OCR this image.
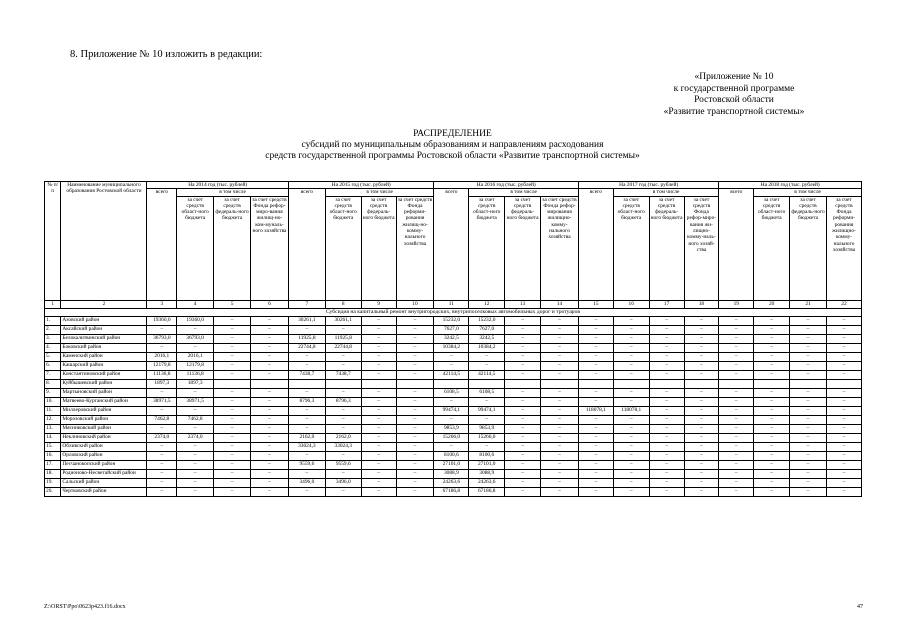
8. Приложение № 10 изложить в редакции:
«Приложение № 10
к государственной программе
Ростовской области
«Развитие транспортной системы»
РАСПРЕДЕЛЕНИЕ
субсидий по муниципальным образованиям и направлениям расходования
средств государственной программы Ростовской области «Развитие транспортной системы»
№ п/п	Наименование муниципального образования Ростовской области	На 2014 год (тыс. рублей)				На 2015 год (тыс. рублей)				На 2016 год (тыс. рублей)				На 2017 год (тыс. рублей)				На 2018 год (тыс. рублей)			
		всего	в том числе			всего	в том числе			всего	в том числе			всего	в том числе			всего	в том числе		
			за счет средств област-ного бюджета	за счет средств федераль-ного бюджета	за счет средств Фонда рефор-миро-вания жилищ-но-ком-муналь-ного хозяйства		за счет средств област-ного бюджета	за счет средств федераль-ного бюджета	за счет средств Фонда реформи-рования жилищ-но-комму-нального хозяйства		за счет средств област-ного бюджета	за счет средств федераль-ного бюджета	за счет средств Фонда рефор-мирования жилищно-комму-нального хозяйства		за счет средств област-ного бюджета	за счет средств федераль-ного бюджета	за счет средств Фонда рефор-миро-вания жи-лищно-комму-наль-ного хозяй-ства		за счет средств област-ного бюджета	за счет средств федераль-ного бюджета	за счет средств Фонда реформи-рования жилищно-комму-нального хозяйства
1	2	3	4	5	6	7	8	9	10	11	12	13	14	15	16	17	18	19	20	21	22
Субсидия на капитальный ремонт внутригородских, внутрипоселковых автомобильных дорог и тротуаров																					
1.	Азовский район	19360,0	19360,0	–	–	30261,1	30261,1	–	–	15232,0	15232,0	–	–	–	–	–	–	–	–	–	–
2.	Аксайский район	–	–	–	–	–	–	–	–	7627,0	7627,0	–	–	–	–	–	–	–	–	–	–
3.	Белокалитвинский район	36793,0	36793,0	–	–	11925,8	11925,8	–	–	3242,5	3242,5	–	–	–	–	–	–	–	–	–	–
4.	Боковский район	–	–	–	–	22744,8	22744,8	–	–	10384,2	10384,2	–	–	–	–	–	–	–	–	–	–
5.	Каменский район	2016,1	2016,1	–	–	–	–	–	–	–	–	–	–	–	–	–	–	–	–	–	–
6.	Кашарский район	12179,8	12179,8	–	–	–	–	–	–	–	–	–	–	–	–	–	–	–	–	–	–
7.	Константиновский район	11136,8	11136,8	–	–	7438,7	7438,7	–	–	42114,5	42114,5	–	–	–	–	–	–	–	–	–	–
8.	Куйбышевский район	1897,3	1897,3																		
9.	Мартыновский район	–	–	–	–	–	–	–	–	6108,5	6108,5	–	–	–	–	–	–	–	–	–	–
10.	Матвеево-Курганский район	38971,5	38971,5	–	–	8796,3	8796,3	–	–	–	–	–	–	–	–	–	–	–	–	–	–
11.	Миллеровский район	–	–	–	–	–	–	–	–	99474,1	99474,1	–	–	118078,1	118078,1	–	–	–	–	–	–
12.	Морозовский район	7462,8	7462,8	–	–	–	–	–	–	–	–	–	–	–	–	–	–	–	–	–	–
13.	Мясниковский район	–	–	–	–	–	–	–	–	9853,9	9853,9	–	–	–	–	–	–	–	–	–	–
14.	Неклиновский район	2374,0	2374,0	–	–	2162,0	2162,0	–	–	15266,0	15266,0	–	–	–	–	–	–	–	–	–	–
15.	Обливский район	–	–	–	–	33024,3	33024,3	–	–	–	–	–	–	–	–	–	–	–	–	–	–
16.	Орловский район	–	–	–	–	–	–	–	–	8100,6	8100,6	–	–	–	–	–	–	–	–	–	–
17.	Песчанокопский район	–	–	–	–	9559,6	9559,6	–	–	27101,0	27101,0	–	–	–	–	–	–	–	–	–	–
18.	Родионово-Несветайский район	–	–	–	–	–	–	–	–	3088,9	3088,9	–	–	–	–	–	–	–	–	–	–
19.	Сальский район	–	–	–	–	3496,0	3496,0	–	–	24263,6	24263,6	–	–	–	–	–	–	–	–	–	–
20.	Чертковский район	–	–	–	–	–	–	–	–	67186,8	67186,8	–	–	–	–	–	–	–	–	–	–
Z:\ORST\Ppo\0623p423.f16.docx	47
